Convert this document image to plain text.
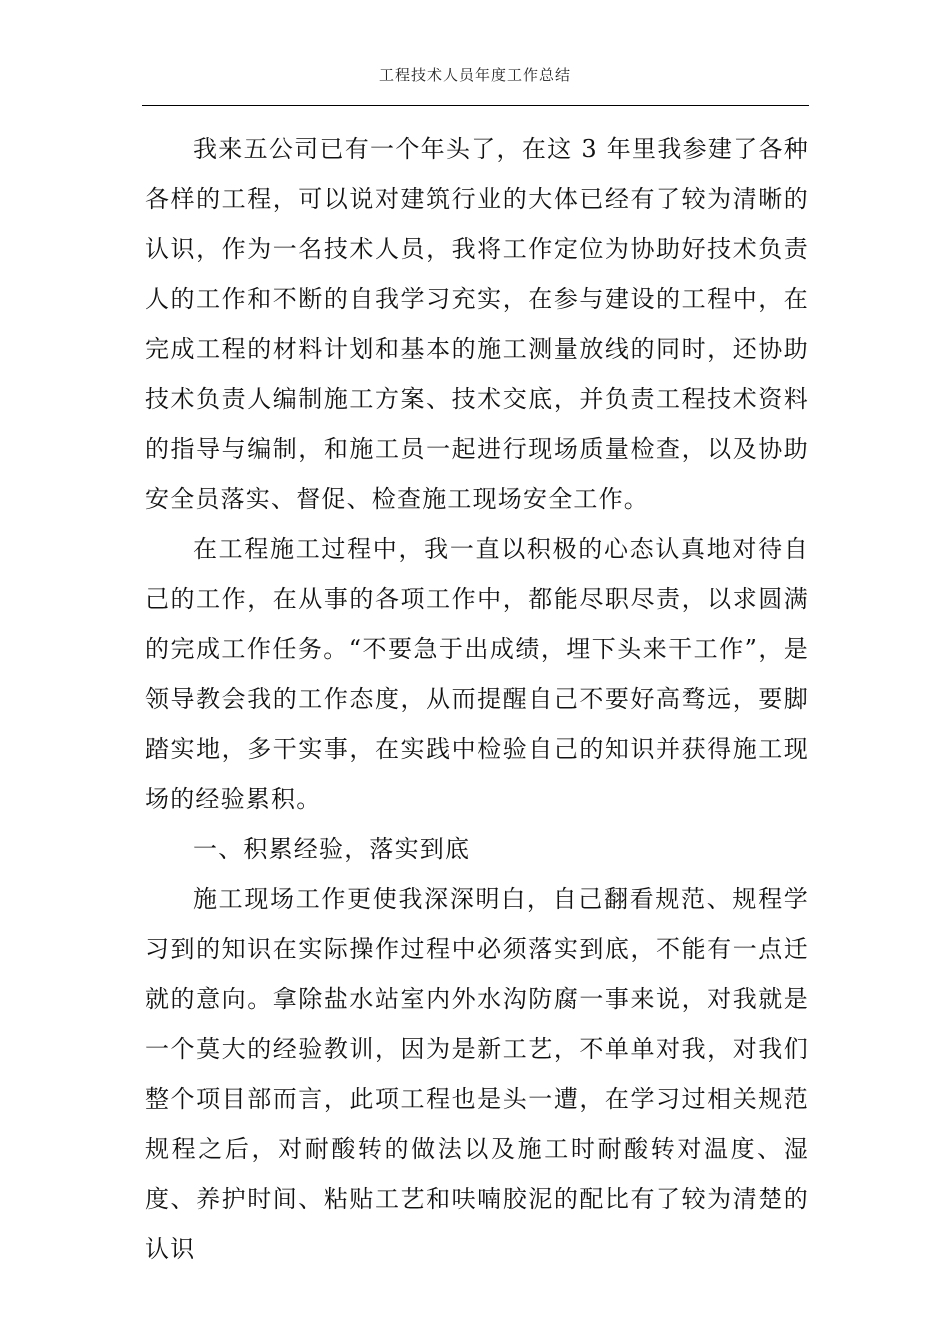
工程技术人员年度工作总结

我来五公司已有一个年头了，在这 3 年里我参建了各种各样的工程，可以说对建筑行业的大体已经有了较为清晰的认识，作为一名技术人员，我将工作定位为协助好技术负责人的工作和不断的自我学习充实，在参与建设的工程中，在完成工程的材料计划和基本的施工测量放线的同时，还协助技术负责人编制施工方案、技术交底，并负责工程技术资料的指导与编制，和施工员一起进行现场质量检查，以及协助安全员落实、督促、检查施工现场安全工作。

在工程施工过程中，我一直以积极的心态认真地对待自己的工作，在从事的各项工作中，都能尽职尽责，以求圆满的完成工作任务。“不要急于出成绩，埋下头来干工作”，是领导教会我的工作态度，从而提醒自己不要好高骛远，要脚踏实地，多干实事，在实践中检验自己的知识并获得施工现场的经验累积。

一、积累经验，落实到底

施工现场工作更使我深深明白，自己翻看规范、规程学习到的知识在实际操作过程中必须落实到底，不能有一点迁就的意向。拿除盐水站室内外水沟防腐一事来说，对我就是一个莫大的经验教训，因为是新工艺，不单单对我，对我们整个项目部而言，此项工程也是头一遭，在学习过相关规范规程之后，对耐酸转的做法以及施工时耐酸转对温度、湿度、养护时间、粘贴工艺和呋喃胶泥的配比有了较为清楚的认识
